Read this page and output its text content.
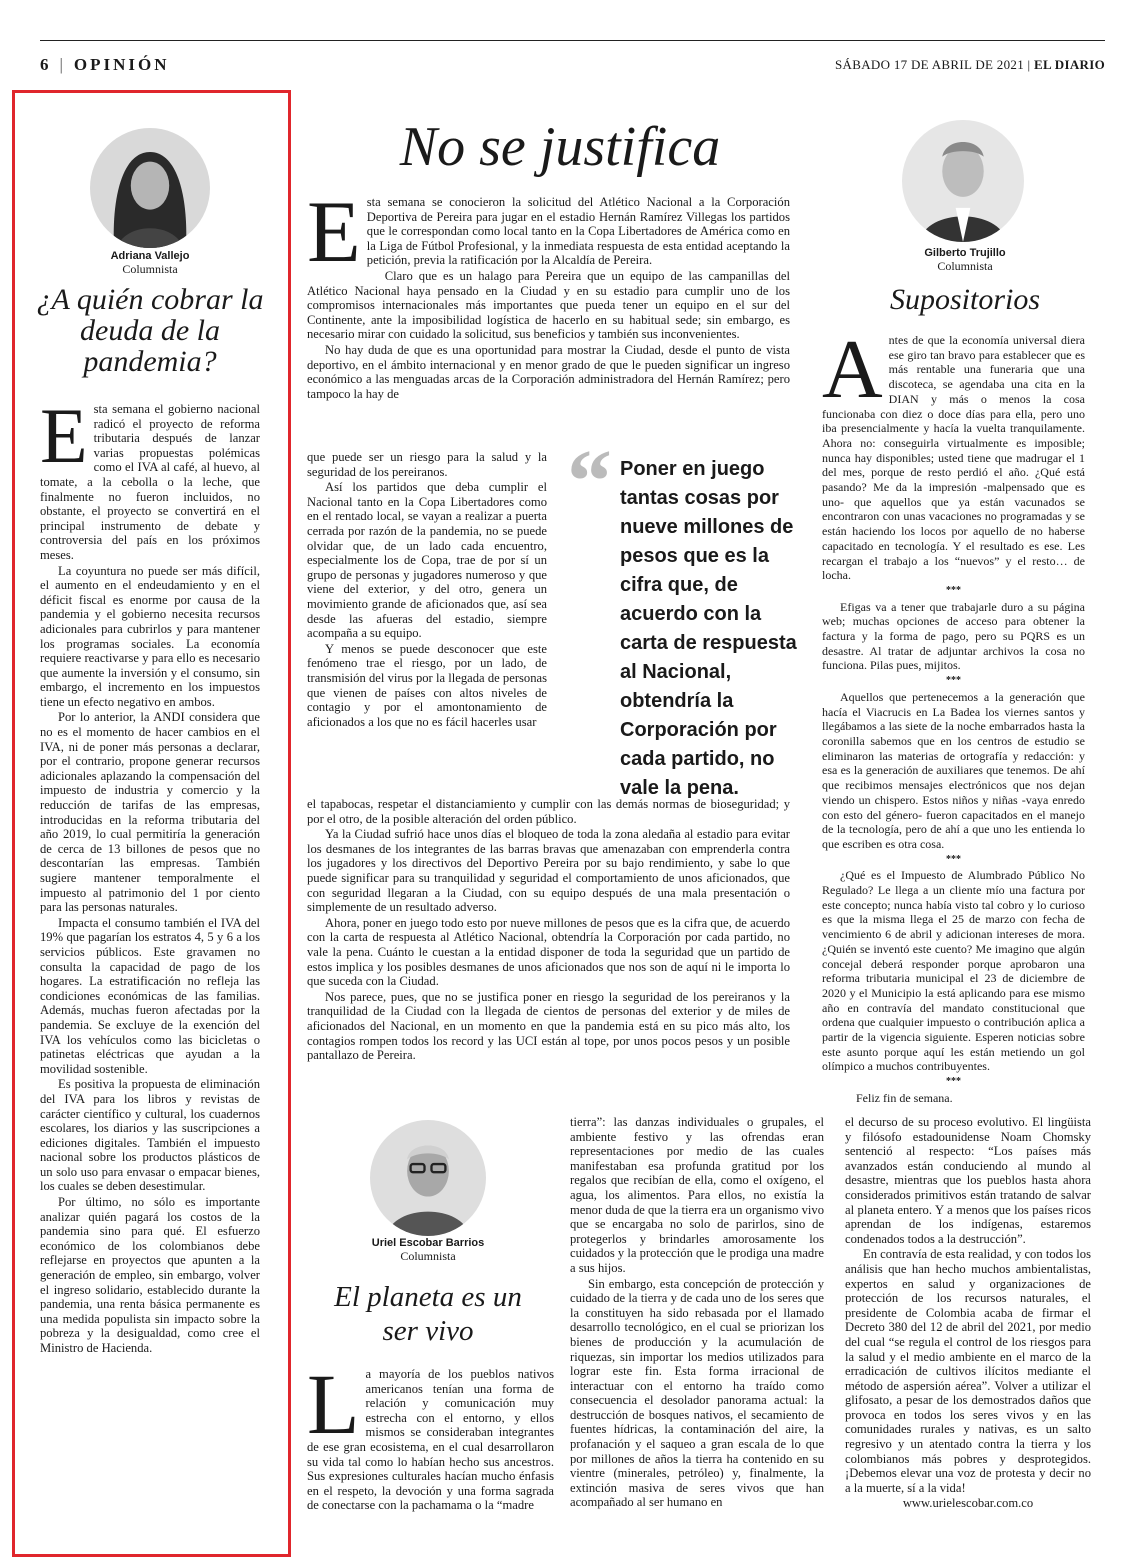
6 | OPINIÓN	SÁBADO 17 DE ABRIL DE 2021 | EL DIARIO
Adriana Vallejo
Columnista
¿A quién cobrar la deuda de la pandemia?

Esta semana el gobierno nacional radicó el proyecto de reforma tributaria después de lanzar varias propuestas polémicas como el IVA al café, al huevo, al tomate, a la cebolla o la leche, que finalmente no fueron incluidos, no obstante, el proyecto se convertirá en el principal instrumento de debate y controversia del país en los próximos meses.

La coyuntura no puede ser más difícil, el aumento en el endeudamiento y en el déficit fiscal es enorme por causa de la pandemia y el gobierno necesita recursos adicionales para cubrirlos y para mantener los programas sociales. La economía requiere reactivarse y para ello es necesario que aumente la inversión y el consumo, sin embargo, el incremento en los impuestos tiene un efecto negativo en ambos.

Por lo anterior, la ANDI considera que no es el momento de hacer cambios en el IVA, ni de poner más personas a declarar, por el contrario, propone generar recursos adicionales aplazando la compensación del impuesto de industria y comercio y la reducción de tarifas de las empresas, introducidas en la reforma tributaria del año 2019, lo cual permitiría la generación de cerca de 13 billones de pesos que no descontarían las empresas. También sugiere mantener temporalmente el impuesto al patrimonio del 1 por ciento para las personas naturales.

Impacta el consumo también el IVA del 19% que pagarían los estratos 4, 5 y 6 a los servicios públicos. Este gravamen no consulta la capacidad de pago de los hogares. La estratificación no refleja las condiciones económicas de las familias. Además, muchas fueron afectadas por la pandemia. Se excluye de la exención del IVA los vehículos como las bicicletas o patinetas eléctricas que ayudan a la movilidad sostenible.

Es positiva la propuesta de eliminación del IVA para los libros y revistas de carácter científico y cultural, los cuadernos escolares, los diarios y las suscripciones a ediciones digitales. También el impuesto nacional sobre los productos plásticos de un solo uso para envasar o empacar bienes, los cuales se deben desestimular.

Por último, no sólo es importante analizar quién pagará los costos de la pandemia sino para qué. El esfuerzo económico de los colombianos debe reflejarse en proyectos que apunten a la generación de empleo, sin embargo, volver el ingreso solidario, establecido durante la pandemia, una renta básica permanente es una medida populista sin impacto sobre la pobreza y la desigualdad, como cree el Ministro de Hacienda.

No se justifica

Esta semana se conocieron la solicitud del Atlético Nacional a la Corporación Deportiva de Pereira para jugar en el estadio Hernán Ramírez Villegas los partidos que le correspondan como local tanto en la Copa Libertadores de América como en la Liga de Fútbol Profesional, y la inmediata respuesta de esta entidad aceptando la petición, previa la ratificación por la Alcaldía de Pereira.

Claro que es un halago para Pereira que un equipo de las campanillas del Atlético Nacional haya pensado en la Ciudad y en su estadio para cumplir uno de los compromisos internacionales más importantes que pueda tener un equipo en el sur del Continente, ante la imposibilidad logística de hacerlo en su habitual sede; sin embargo, es necesario mirar con cuidado la solicitud, sus beneficios y también sus inconvenientes.

No hay duda de que es una oportunidad para mostrar la Ciudad, desde el punto de vista deportivo, en el ámbito internacional y en menor grado de que le pueden significar un ingreso económico a las menguadas arcas de la Corporación administradora del Hernán Ramírez; pero tampoco la hay de

que puede ser un riesgo para la salud y la seguridad de los pereiranos.

Así los partidos que deba cumplir el Nacional tanto en la Copa Libertadores como en el rentado local, se vayan a realizar a puerta cerrada por razón de la pandemia, no se puede olvidar que, de un lado cada encuentro, especialmente los de Copa, trae de por sí un grupo de personas y jugadores numeroso y que viene del exterior, y del otro, genera un movimiento grande de aficionados que, así sea desde las afueras del estadio, siempre acompaña a su equipo.

Y menos se puede desconocer que este fenómeno trae el riesgo, por un lado, de transmisión del virus por la llegada de personas que vienen de países con altos niveles de contagio y por el amontonamiento de aficionados a los que no es fácil hacerles usar

“ Poner en juego tantas cosas por nueve millones de pesos que es la cifra que, de acuerdo con la carta de respuesta al Nacional, obtendría la Corporación por cada partido, no vale la pena.

el tapabocas, respetar el distanciamiento y cumplir con las demás normas de bioseguridad; y por el otro, de la posible alteración del orden público.

Ya la Ciudad sufrió hace unos días el bloqueo de toda la zona aledaña al estadio para evitar los desmanes de los integrantes de las barras bravas que amenazaban con emprenderla contra los jugadores y los directivos del Deportivo Pereira por su bajo rendimiento, y sabe lo que puede significar para su tranquilidad y seguridad el comportamiento de unos aficionados, que con seguridad llegaran a la Ciudad, con su equipo después de una mala presentación o simplemente de un resultado adverso.

Ahora, poner en juego todo esto por nueve millones de pesos que es la cifra que, de acuerdo con la carta de respuesta al Atlético Nacional, obtendría la Corporación por cada partido, no vale la pena. Cuánto le cuestan a la entidad disponer de toda la seguridad que un partido de estos implica y los posibles desmanes de unos aficionados que nos son de aquí ni le importa lo que suceda con la Ciudad.

Nos parece, pues, que no se justifica poner en riesgo la seguridad de los pereiranos y la tranquilidad de la Ciudad con la llegada de cientos de personas del exterior y de miles de aficionados del Nacional, en un momento en que la pandemia está en su pico más alto, los contagios rompen todos los record y las UCI están al tope, por unos pocos pesos y un posible pantallazo de Pereira.

Gilberto Trujillo
Columnista
Supositorios

Antes de que la economía universal diera ese giro tan bravo para establecer que es más rentable una funeraria que una discoteca, se agendaba una cita en la DIAN y más o menos la cosa funcionaba con diez o doce días para ella, pero uno iba presencialmente y hacía la vuelta tranquilamente. Ahora no: conseguirla virtualmente es imposible; nunca hay disponibles; usted tiene que madrugar el 1 del mes, porque de resto perdió el año. ¿Qué está pasando? Me da la impresión -malpensado que es uno- que aquellos que ya están vacunados se encontraron con unas vacaciones no programadas y se están haciendo los locos por aquello de no haberse capacitado en tecnología. Y el resultado es ese. Les recargan el trabajo a los “nuevos” y el resto… de locha.

***

Efigas va a tener que trabajarle duro a su página web; muchas opciones de acceso para obtener la factura y la forma de pago, pero su PQRS es un desastre. Al tratar de adjuntar archivos la cosa no funciona. Pilas pues, mijitos.

***

Aquellos que pertenecemos a la generación que hacía el Viacrucis en La Badea los viernes santos y llegábamos a las siete de la noche embarrados hasta la coronilla sabemos que en los centros de estudio se eliminaron las materias de ortografía y redacción: y esa es la generación de auxiliares que tenemos. De ahí que recibimos mensajes electrónicos que nos dejan viendo un chispero. Estos niños y niñas -vaya enredo con esto del género- fueron capacitados en el manejo de la tecnología, pero de ahí a que uno les entienda lo que escriben es otra cosa.

***

¿Qué es el Impuesto de Alumbrado Público No Regulado? Le llega a un cliente mío una factura por este concepto; nunca había visto tal cobro y lo curioso es que la misma llega el 25 de marzo con fecha de vencimiento 6 de abril y adicionan intereses de mora. ¿Quién se inventó este cuento? Me imagino que algún concejal deberá responder porque aprobaron una reforma tributaria municipal el 23 de diciembre de 2020 y el Municipio la está aplicando para ese mismo año en contravía del mandato constitucional que ordena que cualquier impuesto o contribución aplica a partir de la vigencia siguiente. Esperen noticias sobre este asunto porque aquí les están metiendo un gol olímpico a muchos contribuyentes.

***

Feliz fin de semana.

Uriel Escobar Barrios
Columnista
El planeta es un ser vivo

La mayoría de los pueblos nativos americanos tenían una forma de relación y comunicación muy estrecha con el entorno, y ellos mismos se consideraban integrantes de ese gran ecosistema, en el cual desarrollaron su vida tal como lo habían hecho sus ancestros. Sus expresiones culturales hacían mucho énfasis en el respeto, la devoción y una forma sagrada de conectarse con la pachamama o la “madre

tierra”: las danzas individuales o grupales, el ambiente festivo y las ofrendas eran representaciones por medio de las cuales manifestaban esa profunda gratitud por los regalos que recibían de ella, como el oxígeno, el agua, los alimentos. Para ellos, no existía la menor duda de que la tierra era un organismo vivo que se encargaba no solo de parirlos, sino de protegerlos y brindarles amorosamente los cuidados y la protección que le prodiga una madre a sus hijos.

Sin embargo, esta concepción de protección y cuidado de la tierra y de cada uno de los seres que la constituyen ha sido rebasada por el llamado desarrollo tecnológico, en el cual se priorizan los bienes de producción y la acumulación de riquezas, sin importar los medios utilizados para lograr este fin. Esta forma irracional de interactuar con el entorno ha traído como consecuencia el desolador panorama actual: la destrucción de bosques nativos, el secamiento de fuentes hídricas, la contaminación del aire, la profanación y el saqueo a gran escala de lo que por millones de años la tierra ha contenido en su vientre (minerales, petróleo) y, finalmente, la extinción masiva de seres vivos que han acompañado al ser humano en

el decurso de su proceso evolutivo. El lingüista y filósofo estadounidense Noam Chomsky sentenció al respecto: “Los países más avanzados están conduciendo al mundo al desastre, mientras que los pueblos hasta ahora considerados primitivos están tratando de salvar al planeta entero. Y a menos que los países ricos aprendan de los indígenas, estaremos condenados todos a la destrucción”.

En contravía de esta realidad, y con todos los análisis que han hecho muchos ambientalistas, expertos en salud y organizaciones de protección de los recursos naturales, el presidente de Colombia acaba de firmar el Decreto 380 del 12 de abril del 2021, por medio del cual “se regula el control de los riesgos para la salud y el medio ambiente en el marco de la erradicación de cultivos ilícitos mediante el método de aspersión aérea”. Volver a utilizar el glifosato, a pesar de los demostrados daños que provoca en todos los seres vivos y en las comunidades rurales y nativas, es un salto regresivo y un atentado contra la tierra y los colombianos más pobres y desprotegidos. ¡Debemos elevar una voz de protesta y decir no a la muerte, sí a la vida!

www.urielescobar.com.co
